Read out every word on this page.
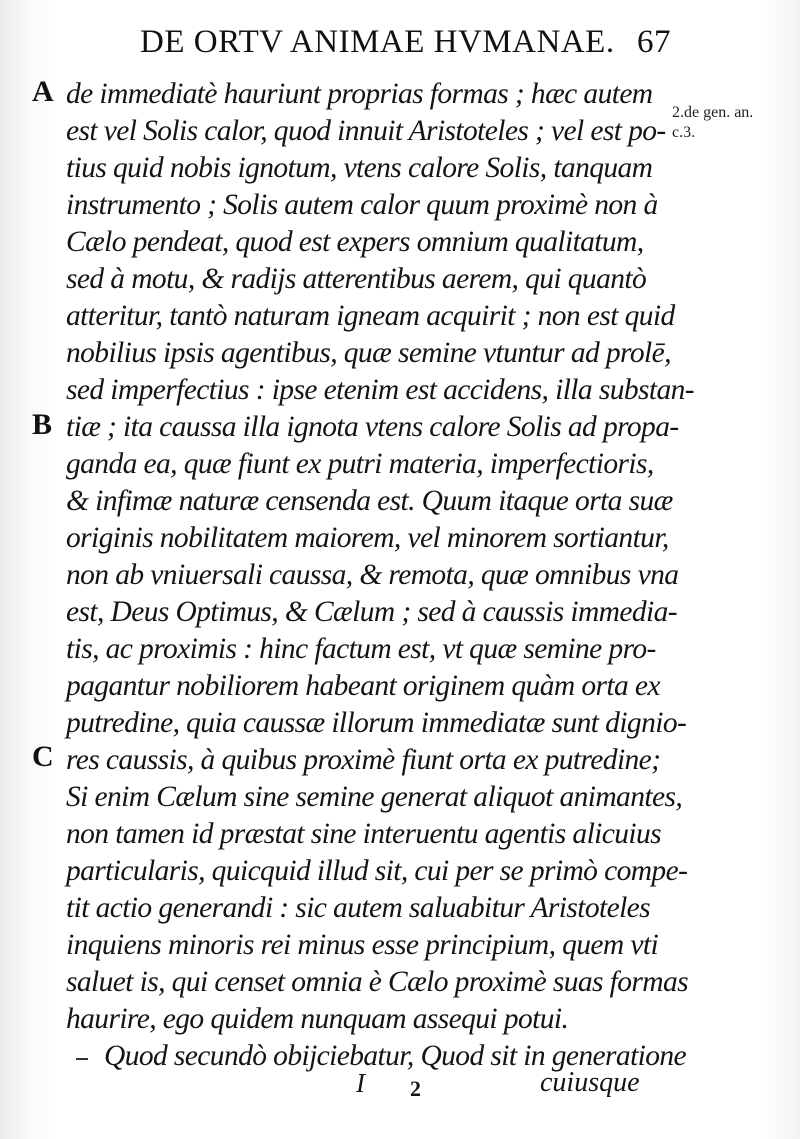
DE ORTV ANIMAE HVMANAE. 67
A
B
C
2.de gen. an.
c.3.
de immediatè hauriunt proprias formas ; hæc autem
est vel Solis calor, quod innuit Aristoteles ; vel est po-
tius quid nobis ignotum, vtens calore Solis, tanquam
instrumento ; Solis autem calor quum proximè non à
Cælo pendeat, quod est expers omnium qualitatum,
sed à motu, & radijs atterentibus aerem, qui quantò
atteritur, tantò naturam igneam acquirit ; non est quid
nobilius ipsis agentibus, quæ semine vtuntur ad prolē,
sed imperfectius : ipse etenim est accidens, illa substan-
tiæ ; ita caussa illa ignota vtens calore Solis ad propa-
ganda ea, quæ fiunt ex putri materia, imperfectioris,
& infimæ naturæ censenda est. Quum itaque orta suæ
originis nobilitatem maiorem, vel minorem sortiantur,
non ab vniuersali caussa, & remota, quæ omnibus vna
est, Deus Optimus, & Cælum ; sed à caussis immedia-
tis, ac proximis : hinc factum est, vt quæ semine pro-
pagantur nobiliorem habeant originem quàm orta ex
putredine, quia caussæ illorum immediatæ sunt dignio-
res caussis, à quibus proximè fiunt orta ex putredine;
Si enim Cælum sine semine generat aliquot animantes,
non tamen id præstat sine interuentu agentis alicuius
particularis, quicquid illud sit, cui per se primò compe-
tit actio generandi : sic autem saluabitur Aristoteles
inquiens minoris rei minus esse principium, quem vti
saluet is, qui censet omnia è Cælo proximè suas formas
haurire, ego quidem nunquam assequi potui.
Quod secundò obijciebatur, Quod sit in generatione
I 2	cuiusque
